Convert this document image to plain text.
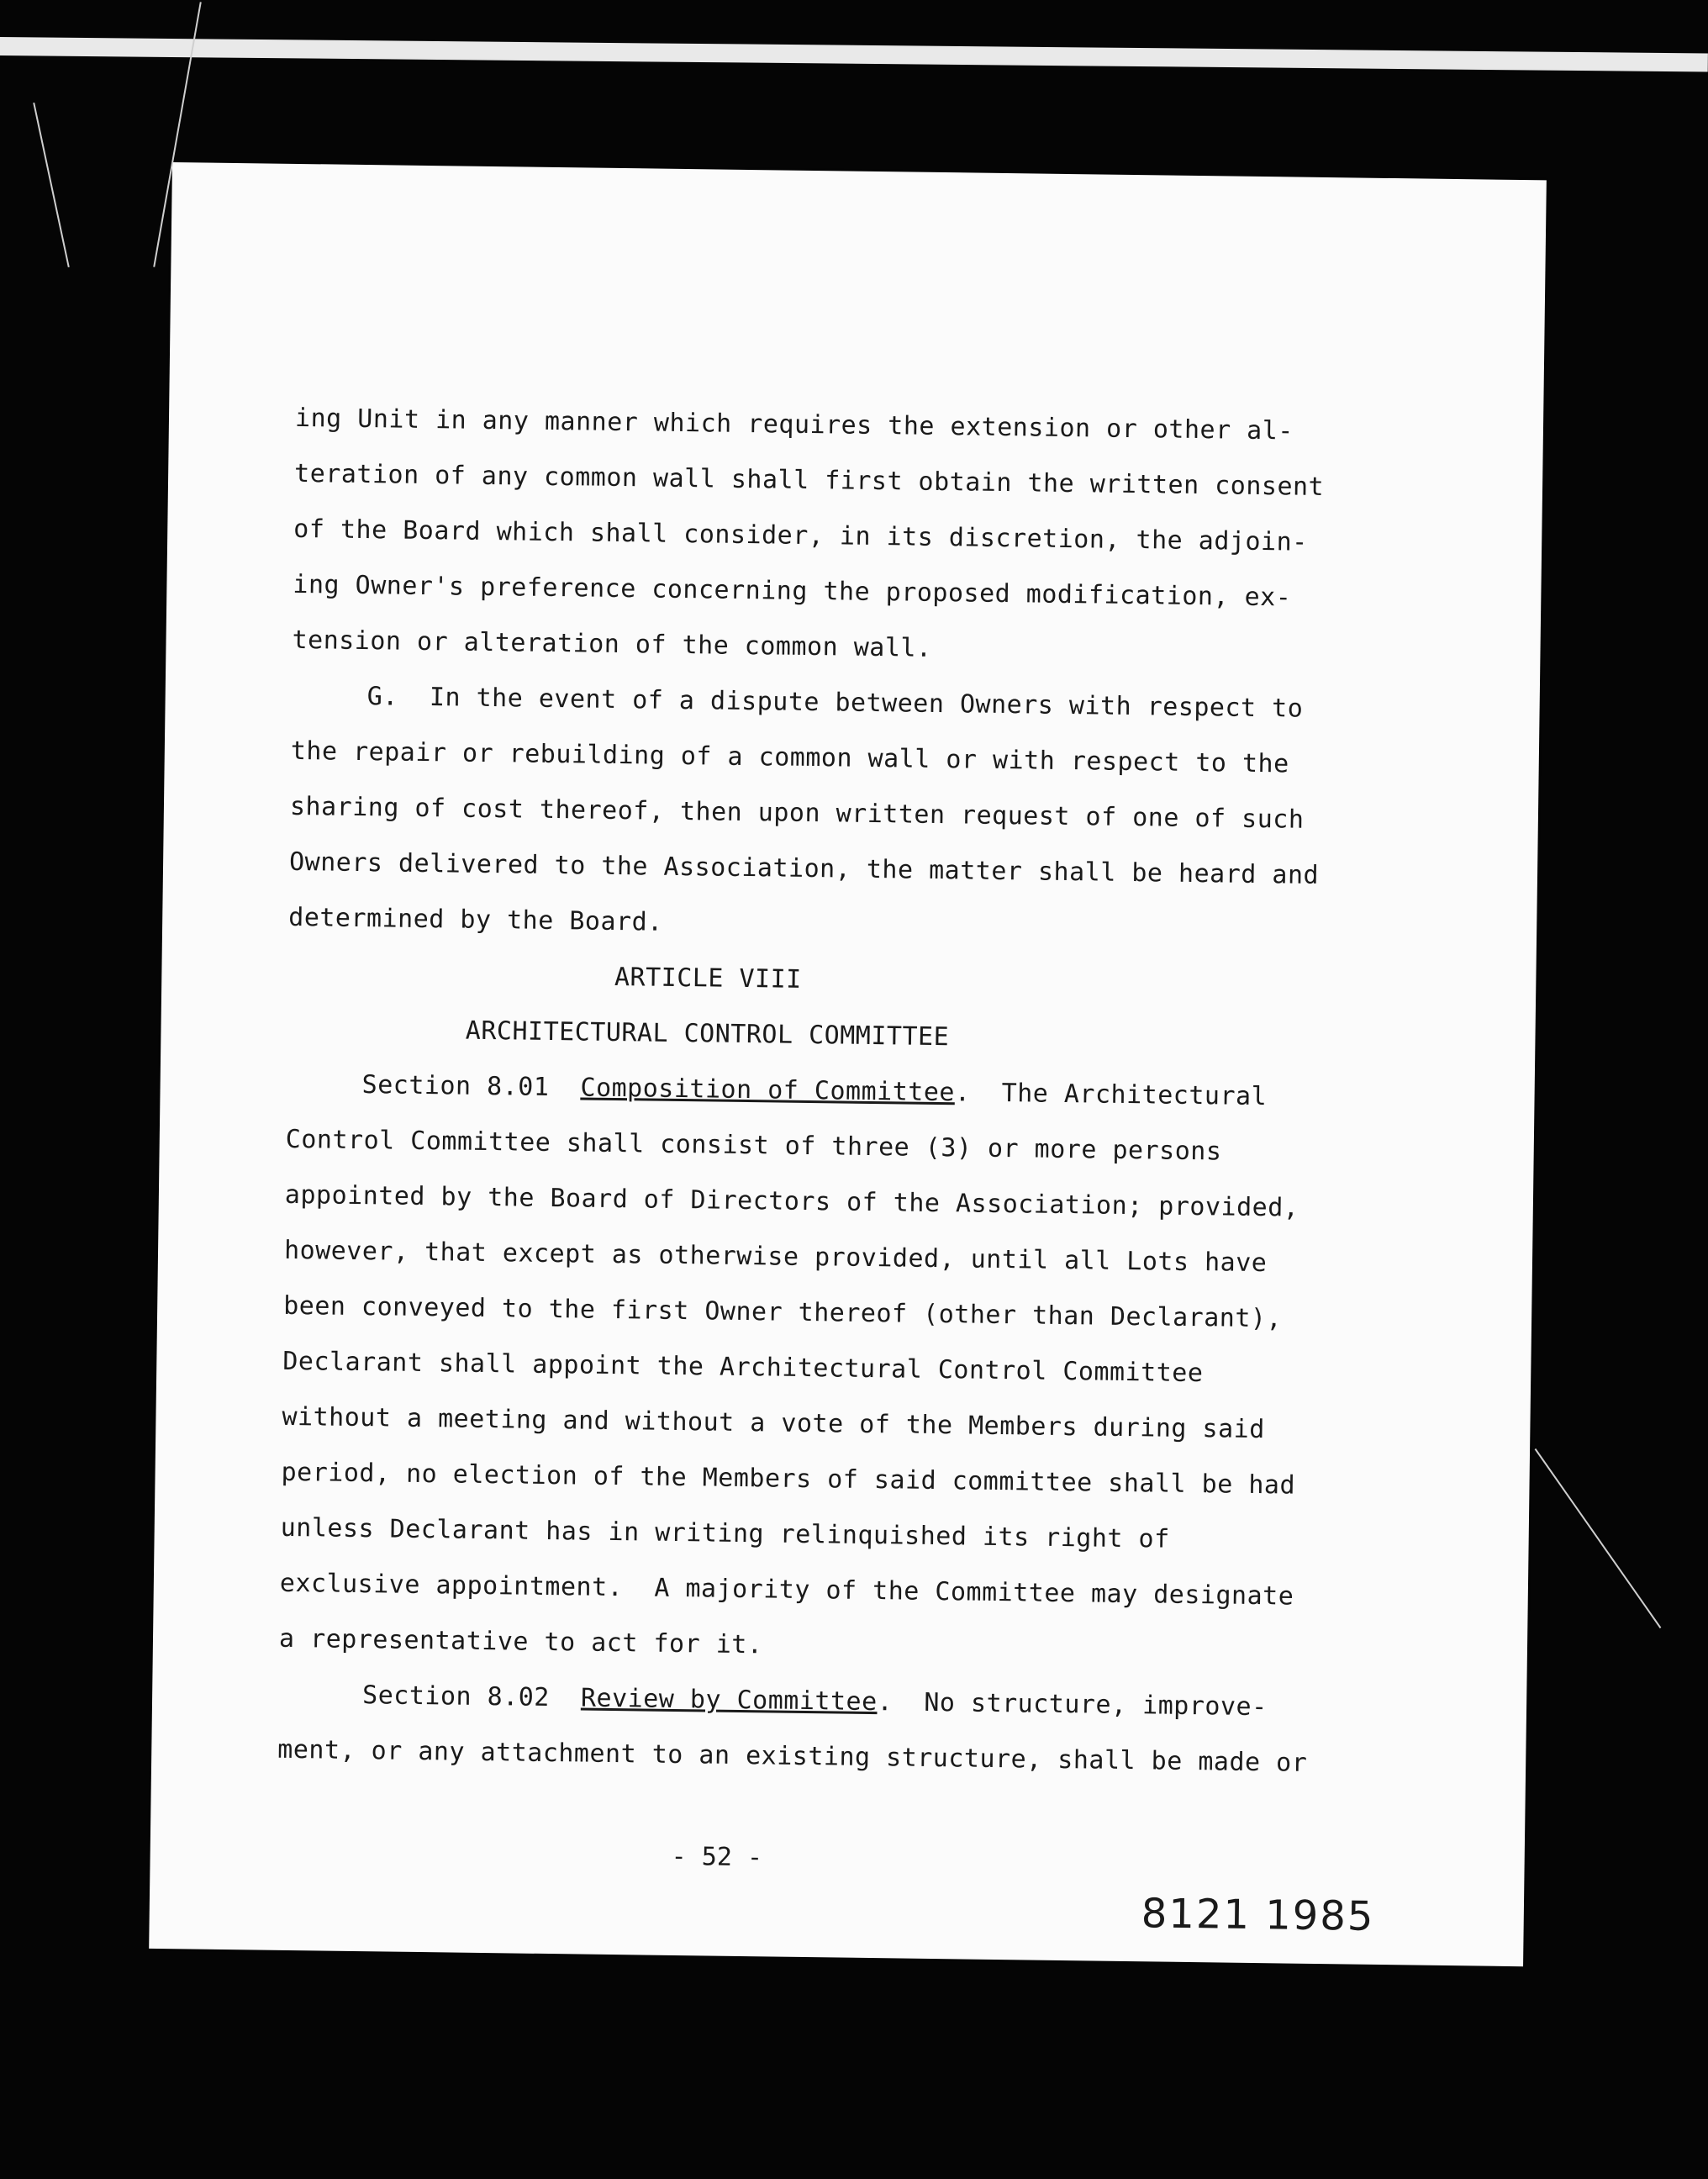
ing Unit in any manner which requires the extension or other al-
teration of any common wall shall first obtain the written consent
of the Board which shall consider, in its discretion, the adjoin-
ing Owner's preference concerning the proposed modification, ex-
tension or alteration of the common wall.
G.  In the event of a dispute between Owners with respect to
the repair or rebuilding of a common wall or with respect to the
sharing of cost thereof, then upon written request of one of such
Owners delivered to the Association, the matter shall be heard and
determined by the Board.
ARTICLE VIII
ARCHITECTURAL CONTROL COMMITTEE
Section 8.01 Composition of Committee.  The Architectural
Control Committee shall consist of three (3) or more persons
appointed by the Board of Directors of the Association; provided,
however, that except as otherwise provided, until all Lots have
been conveyed to the first Owner thereof (other than Declarant),
Declarant shall appoint the Architectural Control Committee
without a meeting and without a vote of the Members during said
period, no election of the Members of said committee shall be had
unless Declarant has in writing relinquished its right of
exclusive appointment.  A majority of the Committee may designate
a representative to act for it.
Section 8.02 Review by Committee.  No structure, improve-
ment, or any attachment to an existing structure, shall be made or
- 52 -
8121 1985
